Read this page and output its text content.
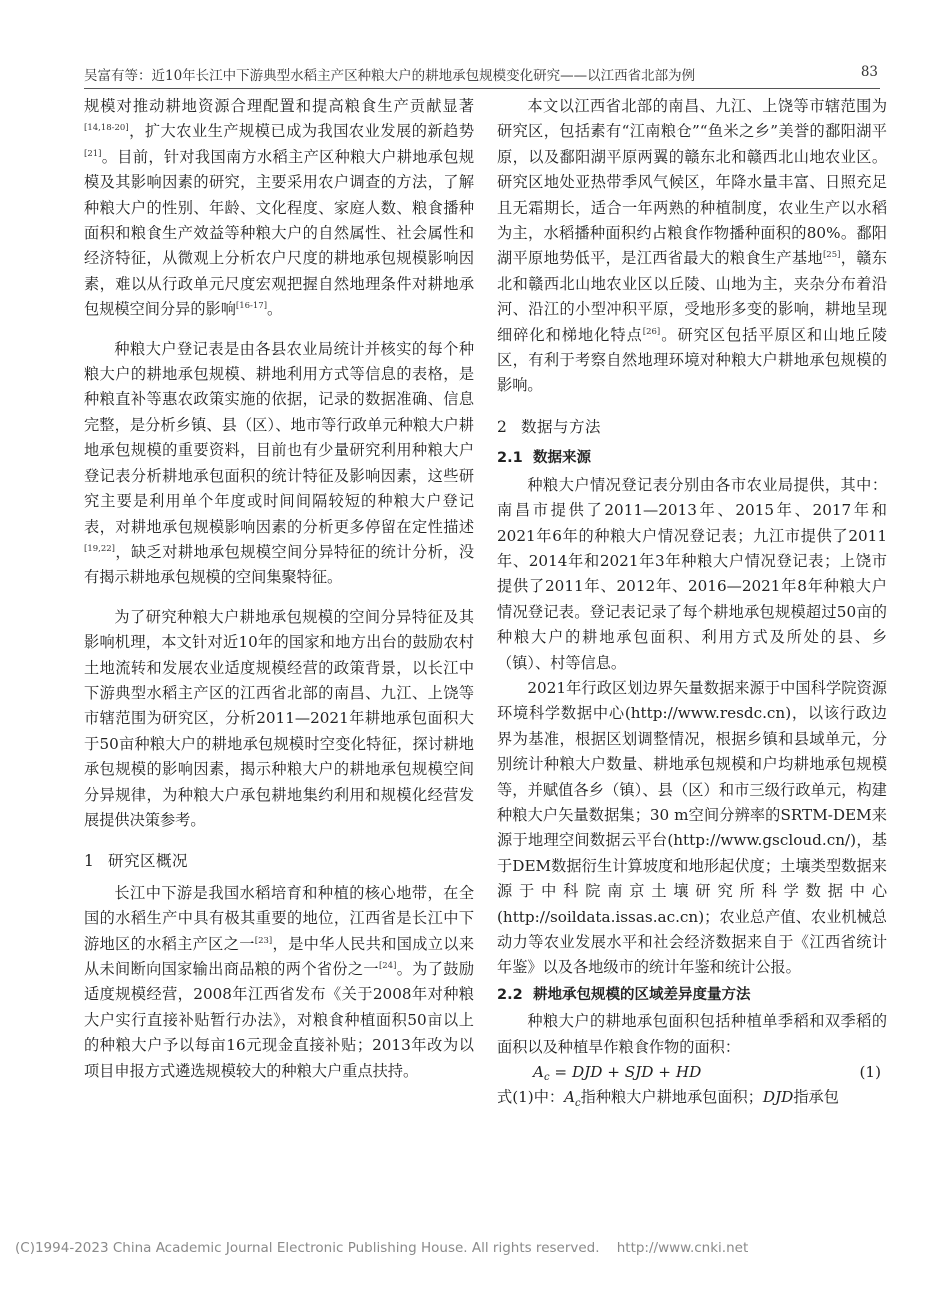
吴富有等：近10年长江中下游典型水稻主产区种粮大户的耕地承包规模变化研究——以江西省北部为例	83

规模对推动耕地资源合理配置和提高粮食生产贡献显著[14,18-20]，扩大农业生产规模已成为我国农业发展的新趋势[21]。目前，针对我国南方水稻主产区种粮大户耕地承包规模及其影响因素的研究，主要采用农户调查的方法，了解种粮大户的性别、年龄、文化程度、家庭人数、粮食播种面积和粮食生产效益等种粮大户的自然属性、社会属性和经济特征，从微观上分析农户尺度的耕地承包规模影响因素，难以从行政单元尺度宏观把握自然地理条件对耕地承包规模空间分异的影响[16-17]。

种粮大户登记表是由各县农业局统计并核实的每个种粮大户的耕地承包规模、耕地利用方式等信息的表格，是种粮直补等惠农政策实施的依据，记录的数据准确、信息完整，是分析乡镇、县（区）、地市等行政单元种粮大户耕地承包规模的重要资料，目前也有少量研究利用种粮大户登记表分析耕地承包面积的统计特征及影响因素，这些研究主要是利用单个年度或时间间隔较短的种粮大户登记表，对耕地承包规模影响因素的分析更多停留在定性描述[19,22]，缺乏对耕地承包规模空间分异特征的统计分析，没有揭示耕地承包规模的空间集聚特征。

为了研究种粮大户耕地承包规模的空间分异特征及其影响机理，本文针对近10年的国家和地方出台的鼓励农村土地流转和发展农业适度规模经营的政策背景，以长江中下游典型水稻主产区的江西省北部的南昌、九江、上饶等市辖范围为研究区，分析2011—2021年耕地承包面积大于50亩种粮大户的耕地承包规模时空变化特征，探讨耕地承包规模的影响因素，揭示种粮大户的耕地承包规模空间分异规律，为种粮大户承包耕地集约利用和规模化经营发展提供决策参考。

1 研究区概况

长江中下游是我国水稻培育和种植的核心地带，在全国的水稻生产中具有极其重要的地位，江西省是长江中下游地区的水稻主产区之一[23]，是中华人民共和国成立以来从未间断向国家输出商品粮的两个省份之一[24]。为了鼓励适度规模经营，2008年江西省发布《关于2008年对种粮大户实行直接补贴暂行办法》，对粮食种植面积50亩以上的种粮大户予以每亩16元现金直接补贴；2013年改为以项目申报方式遴选规模较大的种粮大户重点扶持。

本文以江西省北部的南昌、九江、上饶等市辖范围为研究区，包括素有“江南粮仓”“鱼米之乡”美誉的鄱阳湖平原，以及鄱阳湖平原两翼的赣东北和赣西北山地农业区。研究区地处亚热带季风气候区，年降水量丰富、日照充足且无霜期长，适合一年两熟的种植制度，农业生产以水稻为主，水稻播种面积约占粮食作物播种面积的80%。鄱阳湖平原地势低平，是江西省最大的粮食生产基地[25]，赣东北和赣西北山地农业区以丘陵、山地为主，夹杂分布着沿河、沿江的小型冲积平原，受地形多变的影响，耕地呈现细碎化和梯地化特点[26]。研究区包括平原区和山地丘陵区，有利于考察自然地理环境对种粮大户耕地承包规模的影响。

2 数据与方法
2.1 数据来源

种粮大户情况登记表分别由各市农业局提供，其中：南昌市提供了2011—2013年、2015年、2017年和2021年6年的种粮大户情况登记表；九江市提供了2011年、2014年和2021年3年种粮大户情况登记表；上饶市提供了2011年、2012年、2016—2021年8年种粮大户情况登记表。登记表记录了每个耕地承包规模超过50亩的种粮大户的耕地承包面积、利用方式及所处的县、乡（镇）、村等信息。

2021年行政区划边界矢量数据来源于中国科学院资源环境科学数据中心(http://www.resdc.cn)，以该行政边界为基准，根据区划调整情况，根据乡镇和县域单元，分别统计种粮大户数量、耕地承包规模和户均耕地承包规模等，并赋值各乡（镇）、县（区）和市三级行政单元，构建种粮大户矢量数据集；30 m空间分辨率的SRTM-DEM来源于地理空间数据云平台(http://www.gscloud.cn/)，基于DEM数据衍生计算坡度和地形起伏度；土壤类型数据来源于中科院南京土壤研究所科学数据中心(http://soildata.issas.ac.cn)；农业总产值、农业机械总动力等农业发展水平和社会经济数据来自于《江西省统计年鉴》以及各地级市的统计年鉴和统计公报。

2.2 耕地承包规模的区域差异度量方法

种粮大户的耕地承包面积包括种植单季稻和双季稻的面积以及种植旱作粮食作物的面积：

$A_c$ = DJD + SJD + HD	(1)

式(1)中：$A_c$指种粮大户耕地承包面积；DJD指承包

(C)1994-2023 China Academic Journal Electronic Publishing House. All rights reserved. http://www.cnki.net
